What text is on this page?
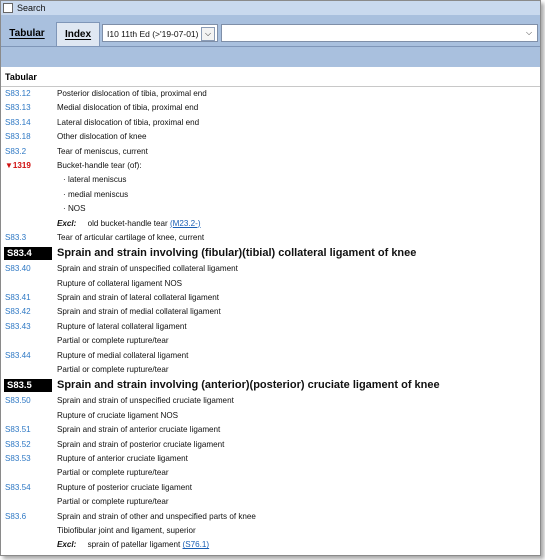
Search
Tabular	Index	I10 11th Ed (>'19-07-01) ⌵	⌵
Tabular
S83.12	Posterior dislocation of tibia, proximal end
S83.13	Medial dislocation of tibia, proximal end
S83.14	Lateral dislocation of tibia, proximal end
S83.18	Other dislocation of knee
S83.2	Tear of meniscus, current
▼1319	Bucket-handle tear (of):
· lateral meniscus
· medial meniscus
· NOS
Excl: old bucket-handle tear (M23.2-)
S83.3	Tear of articular cartilage of knee, current
S83.4	Sprain and strain involving (fibular)(tibial) collateral ligament of knee
S83.40	Sprain and strain of unspecified collateral ligament
Rupture of collateral ligament NOS
S83.41	Sprain and strain of lateral collateral ligament
S83.42	Sprain and strain of medial collateral ligament
S83.43	Rupture of lateral collateral ligament
Partial or complete rupture/tear
S83.44	Rupture of medial collateral ligament
Partial or complete rupture/tear
S83.5	Sprain and strain involving (anterior)(posterior) cruciate ligament of knee
S83.50	Sprain and strain of unspecified cruciate ligament
Rupture of cruciate ligament NOS
S83.51	Sprain and strain of anterior cruciate ligament
S83.52	Sprain and strain of posterior cruciate ligament
S83.53	Rupture of anterior cruciate ligament
Partial or complete rupture/tear
S83.54	Rupture of posterior cruciate ligament
Partial or complete rupture/tear
S83.6	Sprain and strain of other and unspecified parts of knee
Tibiofibular joint and ligament, superior
Excl: sprain of patellar ligament (S76.1)
